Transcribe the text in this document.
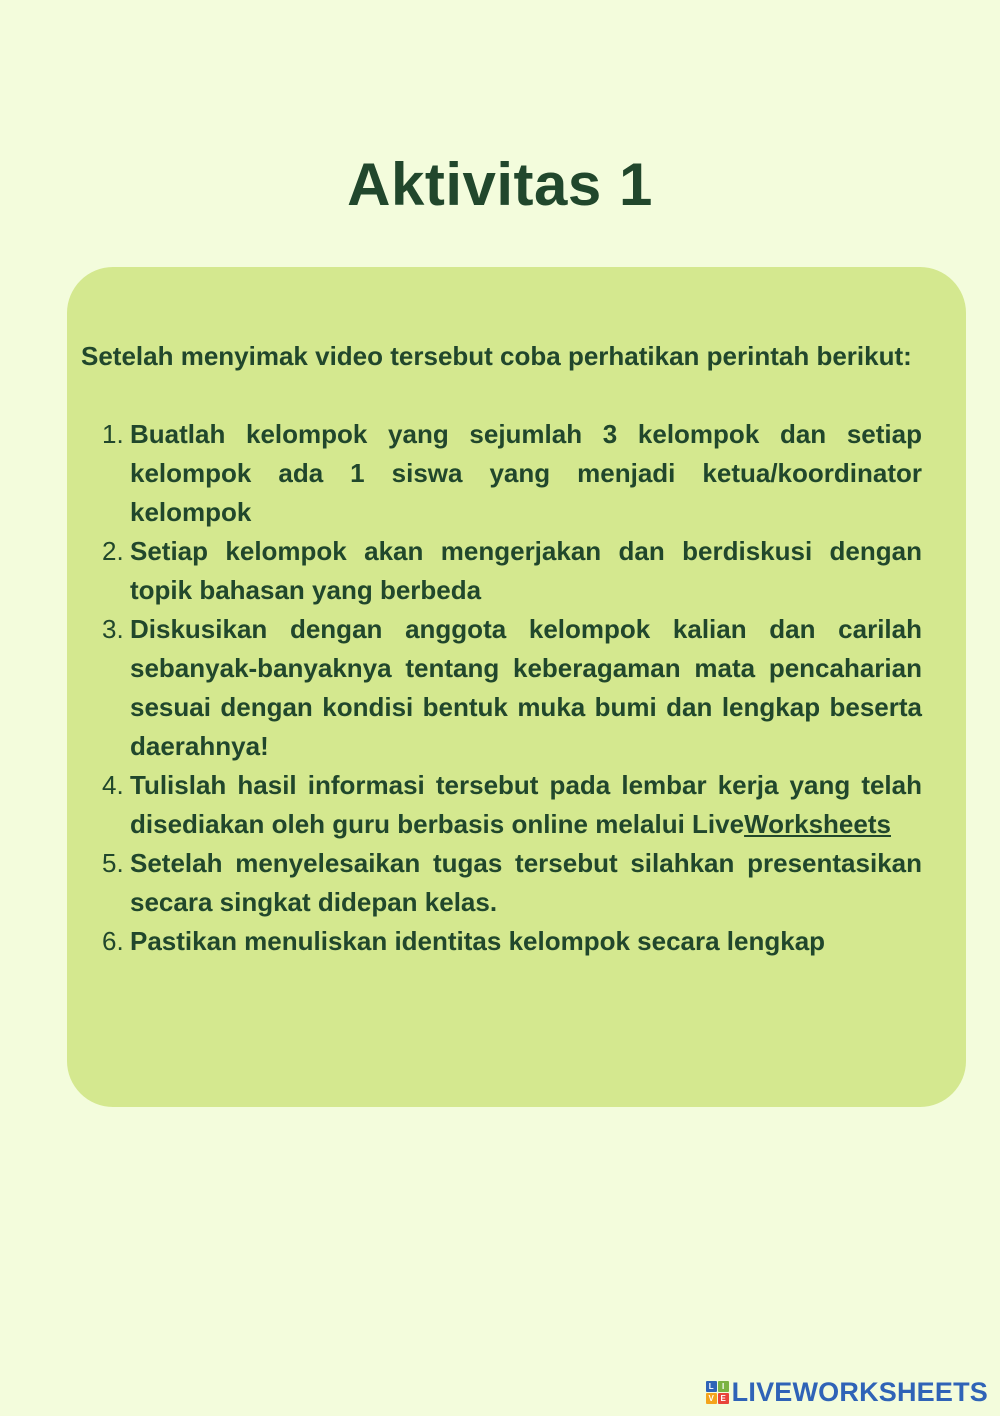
Aktivitas 1

Setelah menyimak video tersebut coba perhatikan perintah berikut:

1. Buatlah kelompok yang sejumlah 3 kelompok dan setiap kelompok ada 1 siswa yang menjadi ketua/koordinator kelompok
2. Setiap kelompok akan mengerjakan dan berdiskusi dengan topik bahasan yang berbeda
3. Diskusikan dengan anggota kelompok kalian dan carilah sebanyak-banyaknya tentang keberagaman mata pencaharian sesuai dengan kondisi bentuk muka bumi dan lengkap beserta daerahnya!
4. Tulislah hasil informasi tersebut pada lembar kerja yang telah disediakan oleh guru berbasis online melalui LiveWorksheets
5. Setelah menyelesaikan tugas tersebut silahkan presentasikan secara singkat didepan kelas.
6. Pastikan menuliskan identitas kelompok secara lengkap
L	I
V E LIVEWORKSHEETS
